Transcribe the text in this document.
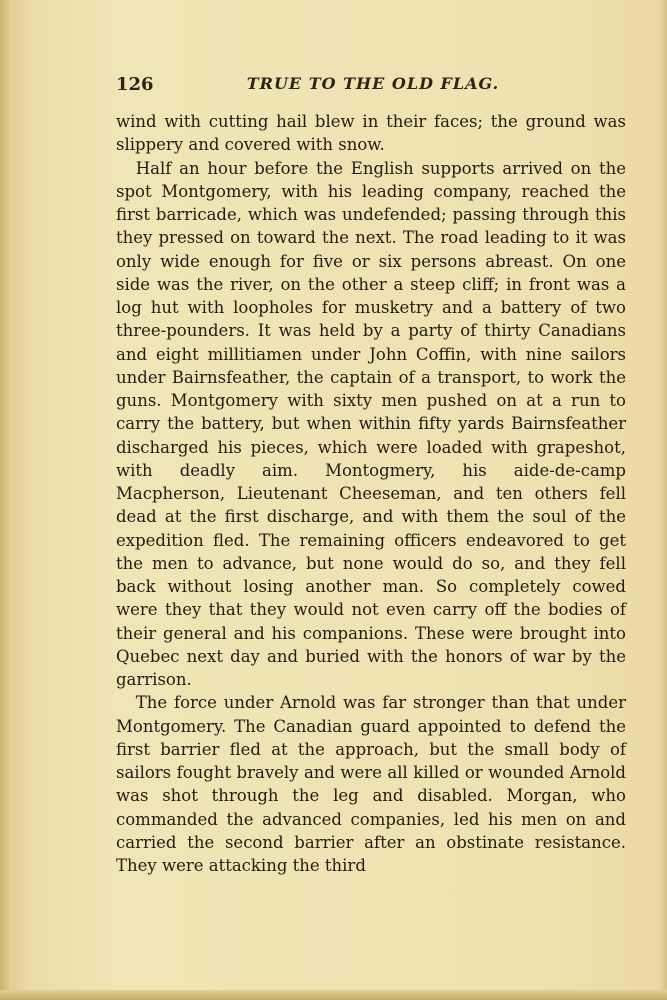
126	TRUE TO THE OLD FLAG.

wind with cutting hail blew in their faces; the ground was slippery and covered with snow.

Half an hour before the English supports arrived on the spot Montgomery, with his leading company, reached the first barricade, which was undefended; passing through this they pressed on toward the next. The road leading to it was only wide enough for five or six persons abreast. On one side was the river, on the other a steep cliff; in front was a log hut with loopholes for musketry and a battery of two three-pounders. It was held by a party of thirty Canadians and eight millitiamen under John Coffin, with nine sailors under Bairnsfeather, the captain of a transport, to work the guns. Montgomery with sixty men pushed on at a run to carry the battery, but when within fifty yards Bairnsfeather discharged his pieces, which were loaded with grapeshot, with deadly aim. Montogmery, his aide-de-camp Macpherson, Lieutenant Cheeseman, and ten others fell dead at the first discharge, and with them the soul of the expedition fled. The remaining officers endeavored to get the men to advance, but none would do so, and they fell back without losing another man. So completely cowed were they that they would not even carry off the bodies of their general and his companions. These were brought into Quebec next day and buried with the honors of war by the garrison.

The force under Arnold was far stronger than that under Montgomery. The Canadian guard appointed to defend the first barrier fled at the approach, but the small body of sailors fought bravely and were all killed or wounded Arnold was shot through the leg and disabled. Morgan, who commanded the advanced companies, led his men on and carried the second barrier after an obstinate resistance. They were attacking the third
